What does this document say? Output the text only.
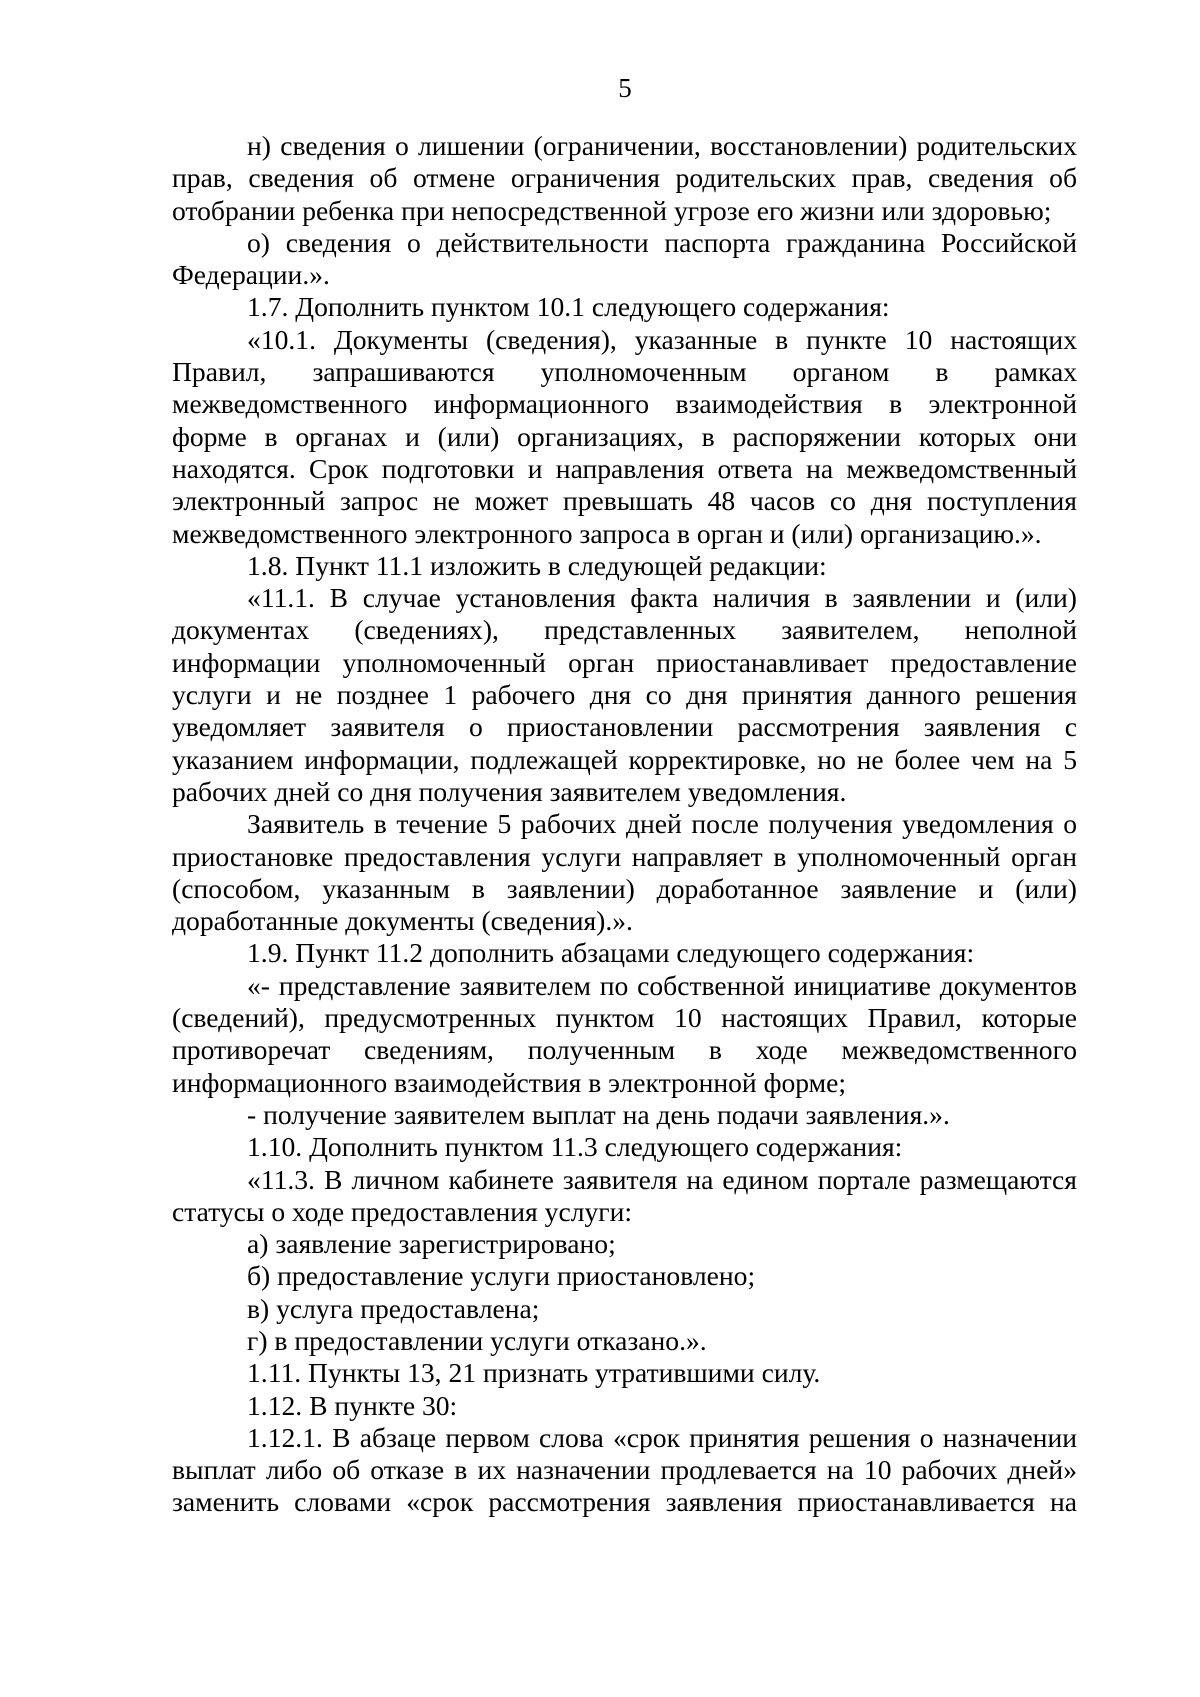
5

н) сведения о лишении (ограничении, восстановлении) родительских прав, сведения об отмене ограничения родительских прав, сведения об отобрании ребенка при непосредственной угрозе его жизни или здоровью;

о) сведения о действительности паспорта гражданина Российской Федерации.».

1.7. Дополнить пунктом 10.1 следующего содержания:

«10.1. Документы (сведения), указанные в пункте 10 настоящих Правил, запрашиваются уполномоченным органом в рамках межведомственного информационного взаимодействия в электронной форме в органах и (или) организациях, в распоряжении которых они находятся. Срок подготовки и направления ответа на межведомственный электронный запрос не может превышать 48 часов со дня поступления межведомственного электронного запроса в орган и (или) организацию.».

1.8. Пункт 11.1 изложить в следующей редакции:

«11.1. В случае установления факта наличия в заявлении и (или) документах (сведениях), представленных заявителем, неполной информации уполномоченный орган приостанавливает предоставление услуги и не позднее 1 рабочего дня со дня принятия данного решения уведомляет заявителя о приостановлении рассмотрения заявления с указанием информации, подлежащей корректировке, но не более чем на 5 рабочих дней со дня получения заявителем уведомления.

Заявитель в течение 5 рабочих дней после получения уведомления о приостановке предоставления услуги направляет в уполномоченный орган (способом, указанным в заявлении) доработанное заявление и (или) доработанные документы (сведения).».

1.9. Пункт 11.2 дополнить абзацами следующего содержания:

«- представление заявителем по собственной инициативе документов (сведений), предусмотренных пунктом 10 настоящих Правил, которые противоречат сведениям, полученным в ходе межведомственного информационного взаимодействия в электронной форме;

- получение заявителем выплат на день подачи заявления.».

1.10. Дополнить пунктом 11.3 следующего содержания:

«11.3. В личном кабинете заявителя на едином портале размещаются статусы о ходе предоставления услуги:

а) заявление зарегистрировано;

б) предоставление услуги приостановлено;

в) услуга предоставлена;

г) в предоставлении услуги отказано.».

1.11. Пункты 13, 21 признать утратившими силу.

1.12. В пункте 30:

1.12.1. В абзаце первом слова «срок принятия решения о назначении выплат либо об отказе в их назначении продлевается на 10 рабочих дней» заменить словами «срок рассмотрения заявления приостанавливается на
